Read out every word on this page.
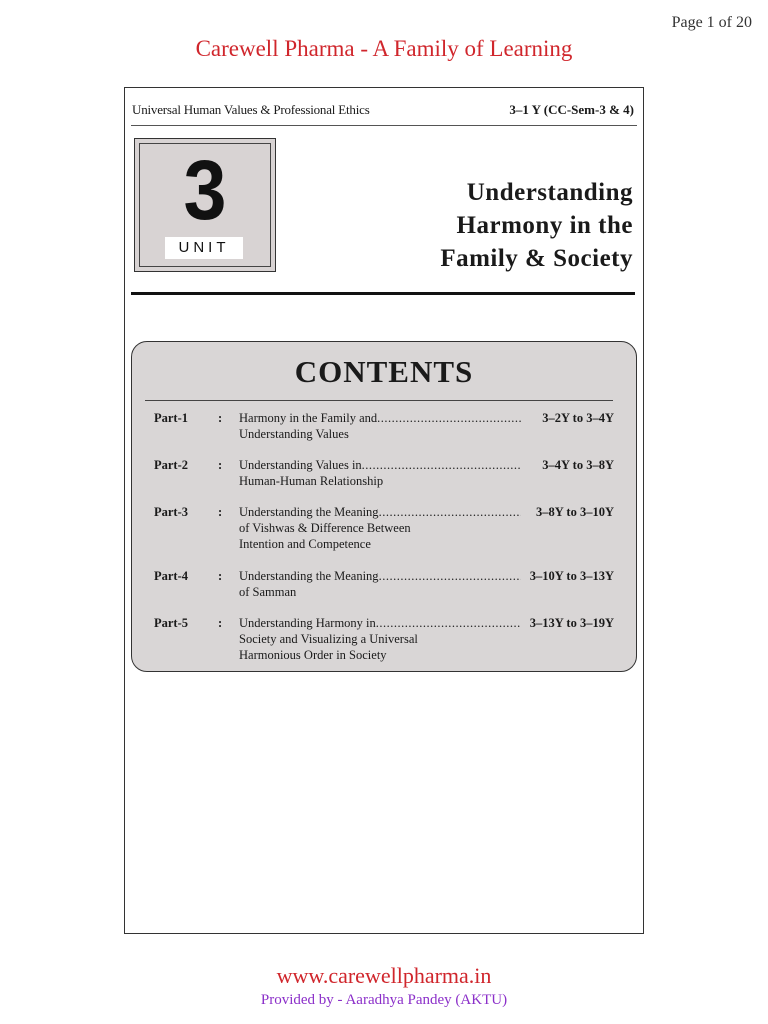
Page 1 of 20
Carewell Pharma - A Family of Learning
Universal Human Values & Professional Ethics	3–1 Y (CC-Sem-3 & 4)
3
UNIT
Understanding
Harmony in the
Family & Society
CONTENTS
Part-1 : Harmony in the Family and
.....
Understanding Values
3–2Y to 3–4Y
Part-2 : Understanding Values in
.....
Human-Human Relationship
3–4Y to 3–8Y
Part-3 : Understanding the Meaning
.....
of Vishwas & Difference Between
Intention and Competence
3–8Y to 3–10Y
Part-4 : Understanding the Meaning
.....
of Samman
3–10Y to 3–13Y
Part-5 : Understanding Harmony in
.....
Society and Visualizing a Universal
Harmonious Order in Society
3–13Y to 3–19Y
www.carewellpharma.in
Provided by - Aaradhya Pandey (AKTU)
